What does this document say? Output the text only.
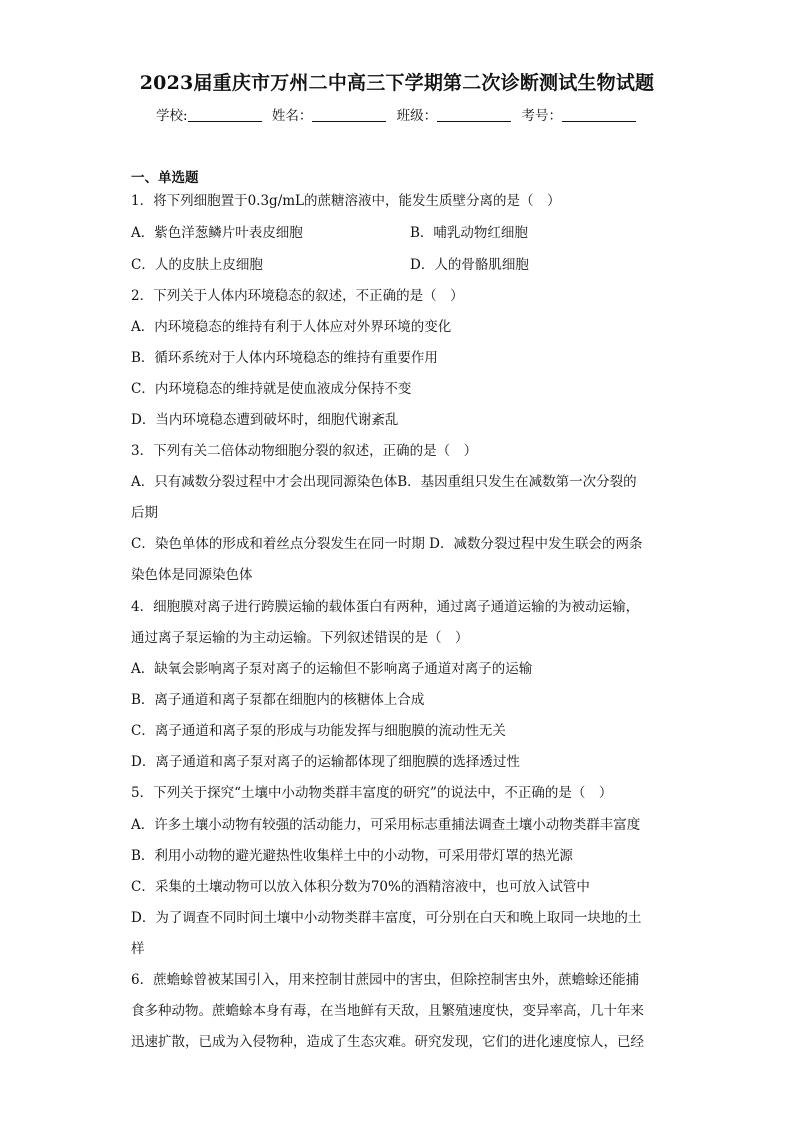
2023届重庆市万州二中高三下学期第二次诊断测试生物试题
学校:	姓名：	班级：	考号：
一、单选题
1．将下列细胞置于0.3g/mL的蔗糖溶液中，能发生质壁分离的是（　）
A．紫色洋葱鳞片叶表皮细胞	B．哺乳动物红细胞
C．人的皮肤上皮细胞	D．人的骨骼肌细胞
2．下列关于人体内环境稳态的叙述，不正确的是（　）
A．内环境稳态的维持有利于人体应对外界环境的变化
B．循环系统对于人体内环境稳态的维持有重要作用
C．内环境稳态的维持就是使血液成分保持不变
D．当内环境稳态遭到破坏时，细胞代谢紊乱
3．下列有关二倍体动物细胞分裂的叙述，正确的是（　）
A．只有减数分裂过程中才会出现同源染色体B．基因重组只发生在减数第一次分裂的
后期
C．染色单体的形成和着丝点分裂发生在同一时期 D．减数分裂过程中发生联会的两条
染色体是同源染色体
4．细胞膜对离子进行跨膜运输的载体蛋白有两种，通过离子通道运输的为被动运输，
通过离子泵运输的为主动运输。下列叙述错误的是（　）
A．缺氧会影响离子泵对离子的运输但不影响离子通道对离子的运输
B．离子通道和离子泵都在细胞内的核糖体上合成
C．离子通道和离子泵的形成与功能发挥与细胞膜的流动性无关
D．离子通道和离子泵对离子的运输都体现了细胞膜的选择透过性
5．下列关于探究“土壤中小动物类群丰富度的研究”的说法中，不正确的是（　）
A．许多土壤小动物有较强的活动能力，可采用标志重捕法调查土壤小动物类群丰富度
B．利用小动物的避光避热性收集样土中的小动物，可采用带灯罩的热光源
C．采集的土壤动物可以放入体积分数为70%的酒精溶液中，也可放入试管中
D．为了调查不同时间土壤中小动物类群丰富度，可分别在白天和晚上取同一块地的土
样
6．蔗蟾蜍曾被某国引入，用来控制甘蔗园中的害虫，但除控制害虫外，蔗蟾蜍还能捕
食多种动物。蔗蟾蜍本身有毒，在当地鲜有天敌，且繁殖速度快，变异率高，几十年来
迅速扩散，已成为入侵物种，造成了生态灾难。研究发现，它们的进化速度惊人，已经
